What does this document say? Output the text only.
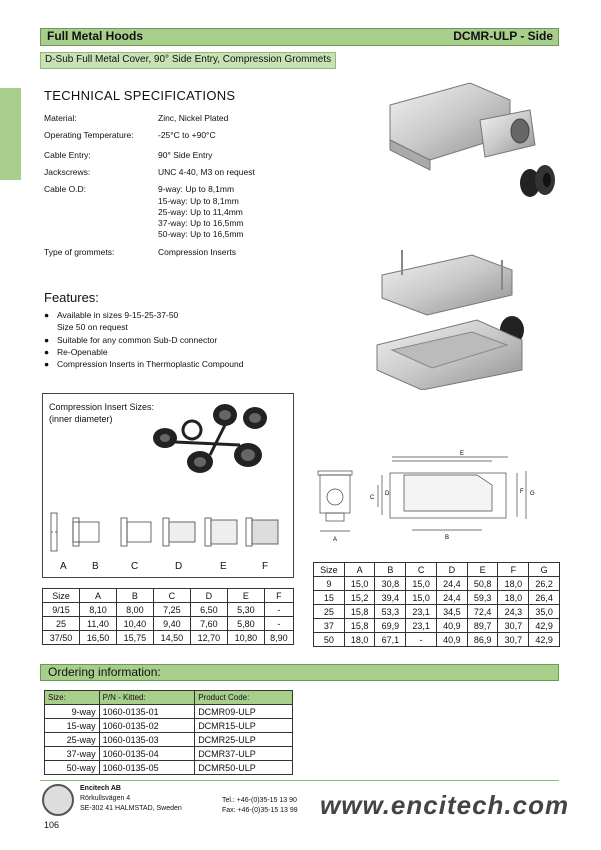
Full Metal Hoods	DCMR-ULP - Side
D-Sub Full Metal Cover, 90° Side Entry, Compression Grommets
TECHNICAL SPECIFICATIONS
Material:	Zinc, Nickel Plated
Operating Temperature:	-25°C to +90°C
Cable Entry:	90° Side Entry
Jackscrews:	UNC 4-40, M3 on request
Cable O.D:	9-way: Up to 8,1mm
15-way: Up to 8,1mm
25-way: Up to 11,4mm
37-way: Up to 16,5mm
50-way: Up to 16,5mm
Type of grommets:	Compression Inserts
Features:
● Available in sizes 9-15-25-37-50
Size 50 on request
● Suitable for any common Sub-D connector
● Re-Openable
● Compression Inserts in Thermoplastic Compound
Compression Insert Sizes:
(inner diameter)
A	B	C	D	E	F
Size	A	B	C	D	E	F
9/15	8,10	8,00	7,25	6,50	5,30	-
25	11,40	10,40	9,40	7,60	5,80	-
37/50	16,50	15,75	14,50	12,70	10,80	8,90
A	B
C
D
E
F G
Size	A	B	C	D	E	F	G
9	15,0	30,8	15,0	24,4	50,8	18,0	26,2
15	15,2	39,4	15,0	24,4	59,3	18,0	26,4
25	15,8	53,3	23,1	34,5	72,4	24,3	35,0
37	15,8	69,9	23,1	40,9	89,7	30,7	42,9
50	18,0	67,1	-	40,9	86,9	30,7	42,9
Ordering information:
Size:	P/N - Kitted:	Product Code:
9-way	1060-0135-01	DCMR09-ULP
15-way	1060-0135-02	DCMR15-ULP
25-way	1060-0135-03	DCMR25-ULP
37-way	1060-0135-04	DCMR37-ULP
50-way	1060-0135-05	DCMR50-ULP
Encitech AB
Rörkullsvägen 4
SE-302 41 HALMSTAD, Sweden
Tel.: +46-(0)35-15 13 90
Fax: +46-(0)35-15 13 99 www.encitech.com
106
